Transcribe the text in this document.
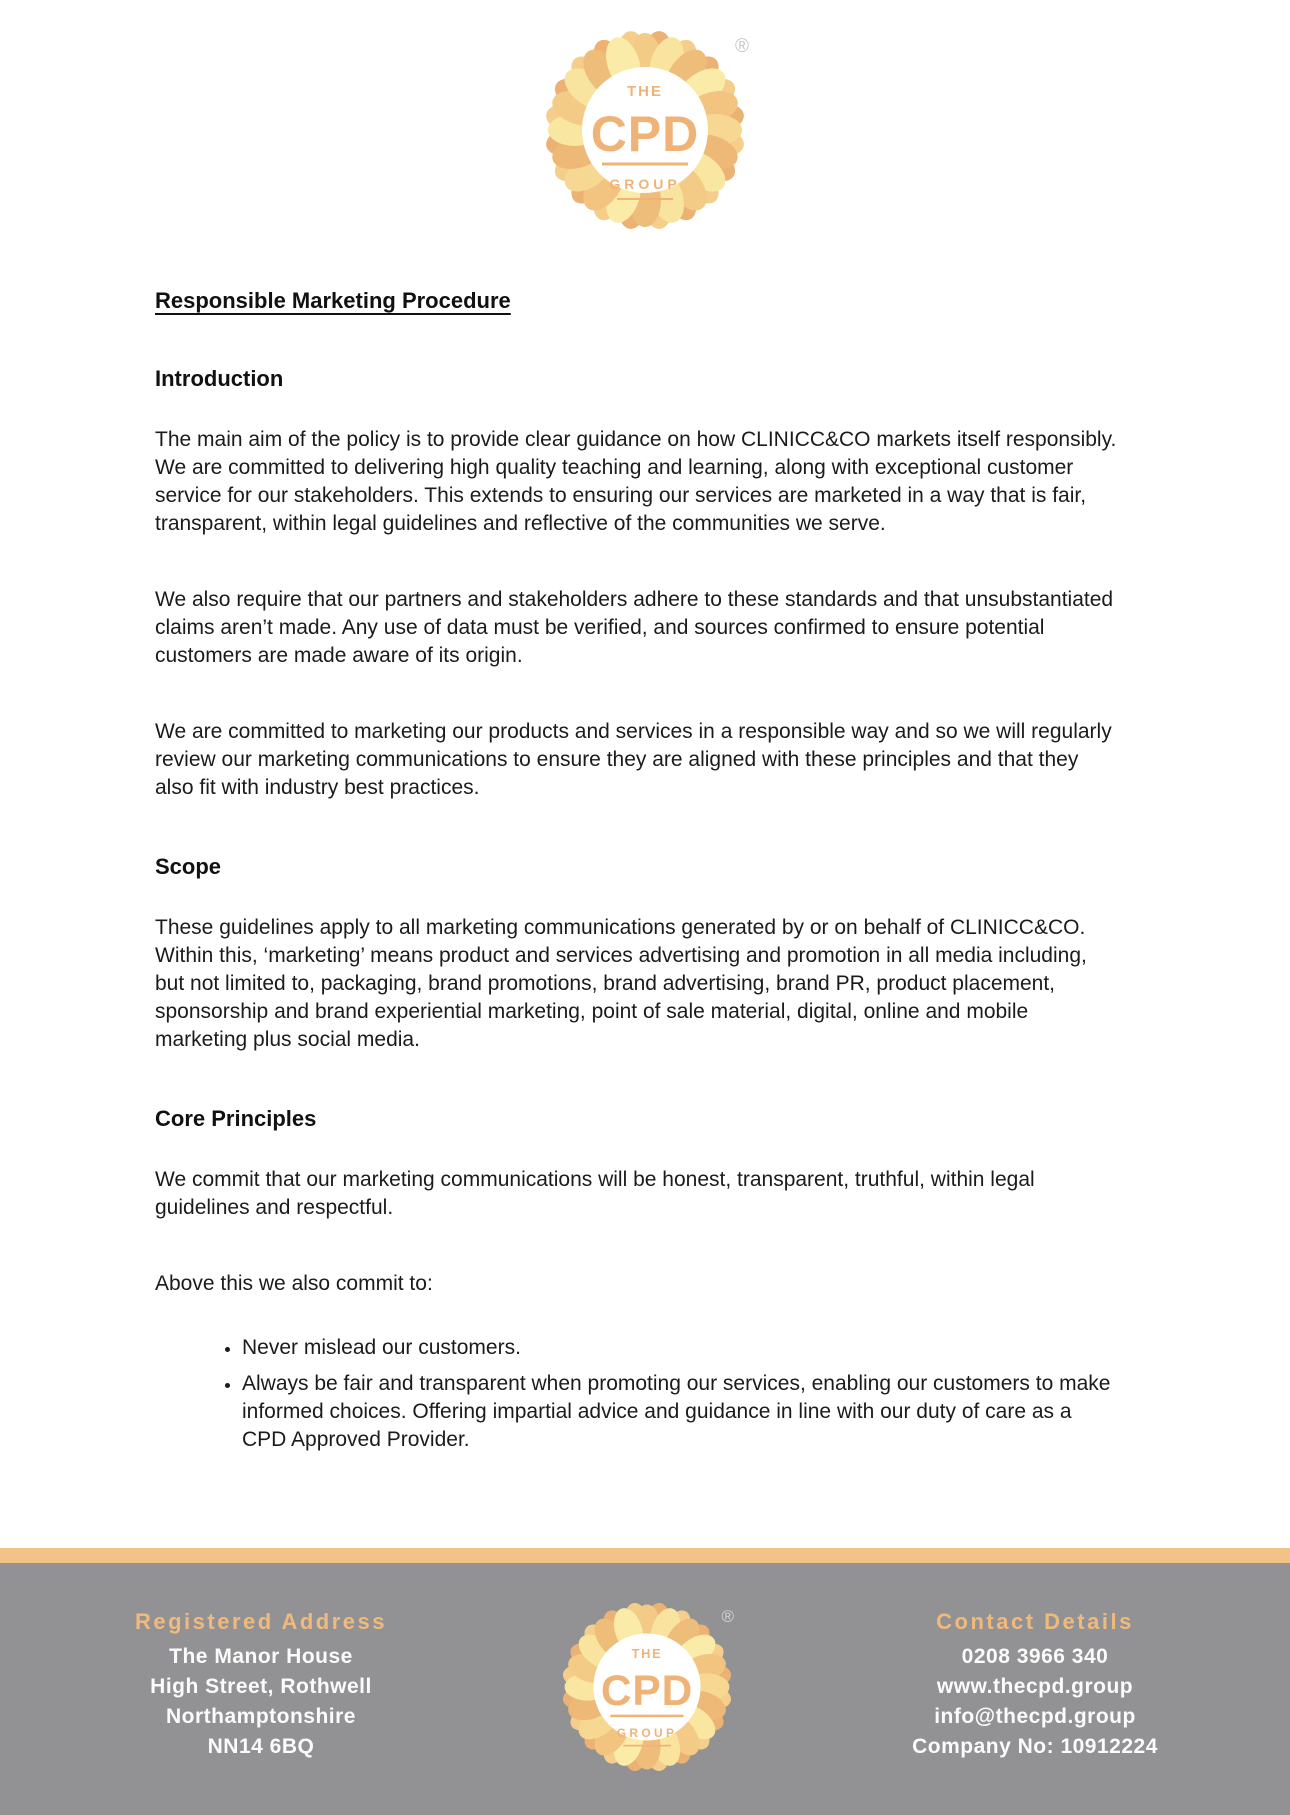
®
Responsible Marketing Procedure
Introduction

The main aim of the policy is to provide clear guidance on how CLINICC&CO markets itself responsibly. We are committed to delivering high quality teaching and learning, along with exceptional customer service for our stakeholders. This extends to ensuring our services are marketed in a way that is fair, transparent, within legal guidelines and reflective of the communities we serve.

We also require that our partners and stakeholders adhere to these standards and that unsubstantiated claims aren’t made. Any use of data must be verified, and sources confirmed to ensure potential customers are made aware of its origin.

We are committed to marketing our products and services in a responsible way and so we will regularly review our marketing communications to ensure they are aligned with these principles and that they also fit with industry best practices.

Scope

These guidelines apply to all marketing communications generated by or on behalf of CLINICC&CO. Within this, ‘marketing’ means product and services advertising and promotion in all media including, but not limited to, packaging, brand promotions, brand advertising, brand PR, product placement, sponsorship and brand experiential marketing, point of sale material, digital, online and mobile marketing plus social media.

Core Principles

We commit that our marketing communications will be honest, transparent, truthful, within legal guidelines and respectful.

Above this we also commit to:

• Never mislead our customers.
• Always be fair and transparent when promoting our services, enabling our customers to make informed choices. Offering impartial advice and guidance in line with our duty of care as a CPD Approved Provider.
Registered Address
The Manor House
High Street, Rothwell
Northamptonshire
NN14 6BQ
®	Contact Details
0208 3966 340
www.thecpd.group
info@thecpd.group
Company No: 10912224
